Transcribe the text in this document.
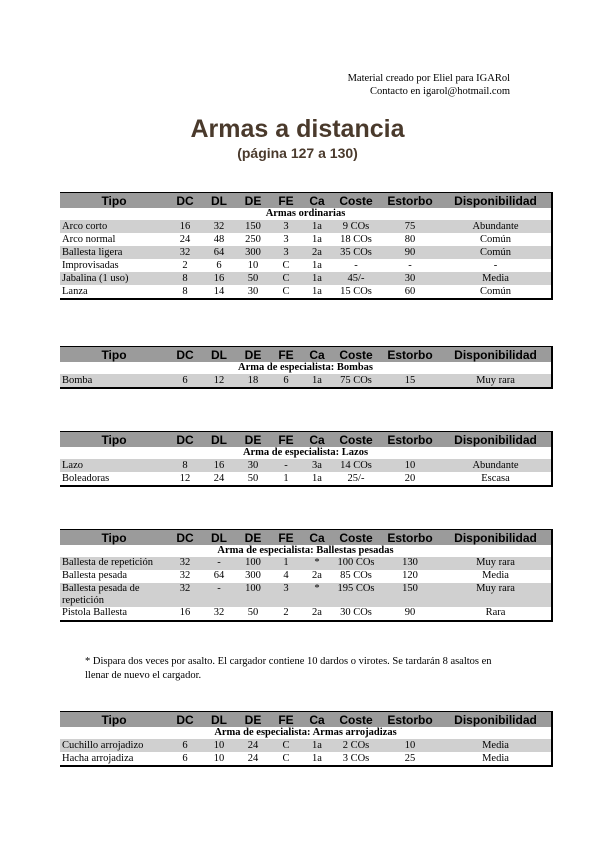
Material creado por Eliel para IGARol
Contacto en igarol@hotmail.com
Armas a distancia
(página 127 a 130)
Tipo	DC	DL	DE	FE	Ca	Coste	Estorbo	Disponibilidad
Armas ordinarias								
Arco corto	16	32	150	3	1a	9 COs	75	Abundante
Arco normal	24	48	250	3	1a	18 COs	80	Común
Ballesta ligera	32	64	300	3	2a	35 COs	90	Común
Improvisadas	2	6	10	C	1a	-	-	-
Jabalina (1 uso)	8	16	50	C	1a	45/-	30	Media
Lanza	8	14	30	C	1a	15 COs	60	Común
Tipo	DC	DL	DE	FE	Ca	Coste	Estorbo	Disponibilidad
Arma de especialista: Bombas								
Bomba	6	12	18	6	1a	75 COs	15	Muy rara
Tipo	DC	DL	DE	FE	Ca	Coste	Estorbo	Disponibilidad
Arma de especialista: Lazos								
Lazo	8	16	30	-	3a	14 COs	10	Abundante
Boleadoras	12	24	50	1	1a	25/-	20	Escasa
Tipo	DC	DL	DE	FE	Ca	Coste	Estorbo	Disponibilidad
Arma de especialista: Ballestas pesadas								
Ballesta de repetición	32	-	100	1	*	100 COs	130	Muy rara
Ballesta pesada	32	64	300	4	2a	85 COs	120	Media
Ballesta pesada de repetición	32	-	100	3	*	195 COs	150	Muy rara
Pistola Ballesta	16	32	50	2	2a	30 COs	90	Rara
* Dispara dos veces por asalto. El cargador contiene 10 dardos o virotes. Se tardarán 8 asaltos en llenar de nuevo el cargador.
Tipo	DC	DL	DE	FE	Ca	Coste	Estorbo	Disponibilidad
Arma de especialista: Armas arrojadizas								
Cuchillo arrojadizo	6	10	24	C	1a	2 COs	10	Media
Hacha arrojadiza	6	10	24	C	1a	3 COs	25	Media
